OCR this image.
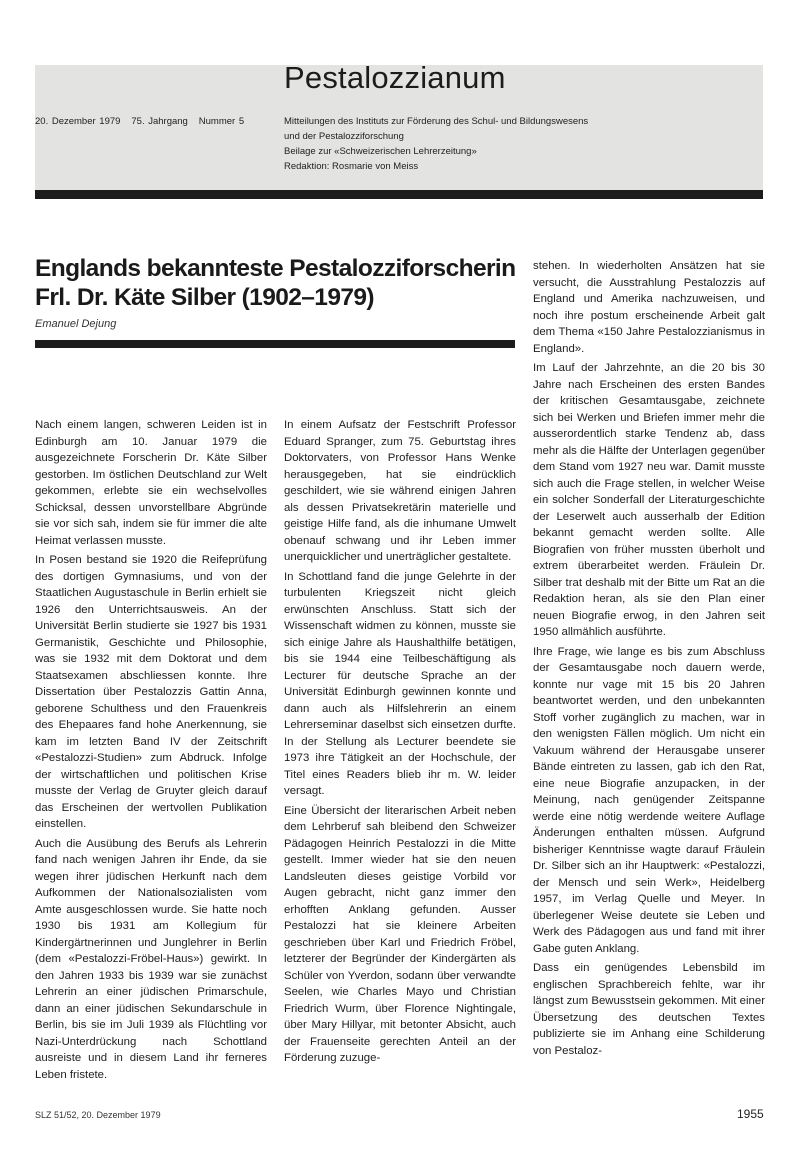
Pestalozzianum
20. Dezember 1979 75. Jahrgang Nummer 5	Mitteilungen des Instituts zur Förderung des Schul- und Bildungswesens
und der Pestalozziforschung
Beilage zur «Schweizerischen Lehrerzeitung»
Redaktion: Rosmarie von Meiss
Englands bekannteste Pestalozziforscherin
Frl. Dr. Käte Silber (1902–1979)
Emanuel Dejung

Nach einem langen, schweren Leiden ist in Edinburgh am 10. Januar 1979 die ausgezeichnete Forscherin Dr. Käte Silber gestorben. Im östlichen Deutschland zur Welt gekommen, erlebte sie ein wechselvolles Schicksal, dessen unvorstellbare Abgründe sie vor sich sah, indem sie für immer die alte Heimat verlassen musste.

In Posen bestand sie 1920 die Reifeprüfung des dortigen Gymnasiums, und von der Staatlichen Augustaschule in Berlin erhielt sie 1926 den Unterrichtsausweis. An der Universität Berlin studierte sie 1927 bis 1931 Germanistik, Geschichte und Philosophie, was sie 1932 mit dem Doktorat und dem Staatsexamen abschliessen konnte. Ihre Dissertation über Pestalozzis Gattin Anna, geborene Schulthess und den Frauenkreis des Ehepaares fand hohe Anerkennung, sie kam im letzten Band IV der Zeitschrift «Pestalozzi-Studien» zum Abdruck. Infolge der wirtschaftlichen und politischen Krise musste der Verlag de Gruyter gleich darauf das Erscheinen der wertvollen Publikation einstellen.

Auch die Ausübung des Berufs als Lehrerin fand nach wenigen Jahren ihr Ende, da sie wegen ihrer jüdischen Herkunft nach dem Aufkommen der Nationalsozialisten vom Amte ausgeschlossen wurde. Sie hatte noch 1930 bis 1931 am Kollegium für Kindergärtnerinnen und Junglehrer in Berlin (dem «Pestalozzi-Fröbel-Haus») gewirkt. In den Jahren 1933 bis 1939 war sie zunächst Lehrerin an einer jüdischen Primarschule, dann an einer jüdischen Sekundarschule in Berlin, bis sie im Juli 1939 als Flüchtling vor Nazi-Unterdrückung nach Schottland ausreiste und in diesem Land ihr ferneres Leben fristete.

In einem Aufsatz der Festschrift Professor Eduard Spranger, zum 75. Geburtstag ihres Doktorvaters, von Professor Hans Wenke herausgegeben, hat sie eindrücklich geschildert, wie sie während einigen Jahren als dessen Privatsekretärin materielle und geistige Hilfe fand, als die inhumane Umwelt obenauf schwang und ihr Leben immer unerquicklicher und unerträglicher gestaltete.

In Schottland fand die junge Gelehrte in der turbulenten Kriegszeit nicht gleich erwünschten Anschluss. Statt sich der Wissenschaft widmen zu können, musste sie sich einige Jahre als Haushalthilfe betätigen, bis sie 1944 eine Teilbeschäftigung als Lecturer für deutsche Sprache an der Universität Edinburgh gewinnen konnte und dann auch als Hilfslehrerin an einem Lehrerseminar daselbst sich einsetzen durfte. In der Stellung als Lecturer beendete sie 1973 ihre Tätigkeit an der Hochschule, der Titel eines Readers blieb ihr m. W. leider versagt.

Eine Übersicht der literarischen Arbeit neben dem Lehrberuf sah bleibend den Schweizer Pädagogen Heinrich Pestalozzi in die Mitte gestellt. Immer wieder hat sie den neuen Landsleuten dieses geistige Vorbild vor Augen gebracht, nicht ganz immer den erhofften Anklang gefunden. Ausser Pestalozzi hat sie kleinere Arbeiten geschrieben über Karl und Friedrich Fröbel, letzterer der Begründer der Kindergärten als Schüler von Yverdon, sodann über verwandte Seelen, wie Charles Mayo und Christian Friedrich Wurm, über Florence Nightingale, über Mary Hillyar, mit betonter Absicht, auch der Frauenseite gerechten Anteil an der Förderung zuzuge-

stehen. In wiederholten Ansätzen hat sie versucht, die Ausstrahlung Pestalozzis auf England und Amerika nachzuweisen, und noch ihre postum erscheinende Arbeit galt dem Thema «150 Jahre Pestalozzianismus in England».

Im Lauf der Jahrzehnte, an die 20 bis 30 Jahre nach Erscheinen des ersten Bandes der kritischen Gesamtausgabe, zeichnete sich bei Werken und Briefen immer mehr die ausserordentlich starke Tendenz ab, dass mehr als die Hälfte der Unterlagen gegenüber dem Stand vom 1927 neu war. Damit musste sich auch die Frage stellen, in welcher Weise ein solcher Sonderfall der Literaturgeschichte der Leserwelt auch ausserhalb der Edition bekannt gemacht werden sollte. Alle Biografien von früher mussten überholt und extrem überarbeitet werden. Fräulein Dr. Silber trat deshalb mit der Bitte um Rat an die Redaktion heran, als sie den Plan einer neuen Biografie erwog, in den Jahren seit 1950 allmählich ausführte.

Ihre Frage, wie lange es bis zum Abschluss der Gesamtausgabe noch dauern werde, konnte nur vage mit 15 bis 20 Jahren beantwortet werden, und den unbekannten Stoff vorher zugänglich zu machen, war in den wenigsten Fällen möglich. Um nicht ein Vakuum während der Herausgabe unserer Bände eintreten zu lassen, gab ich den Rat, eine neue Biografie anzupacken, in der Meinung, nach genügender Zeitspanne werde eine nötig werdende weitere Auflage Änderungen enthalten müssen. Aufgrund bisheriger Kenntnisse wagte darauf Fräulein Dr. Silber sich an ihr Hauptwerk: «Pestalozzi, der Mensch und sein Werk», Heidelberg 1957, im Verlag Quelle und Meyer. In überlegener Weise deutete sie Leben und Werk des Pädagogen aus und fand mit ihrer Gabe guten Anklang.

Dass ein genügendes Lebensbild im englischen Sprachbereich fehlte, war ihr längst zum Bewusstsein gekommen. Mit einer Übersetzung des deutschen Textes publizierte sie im Anhang eine Schilderung von Pestaloz-

SLZ 51/52, 20. Dezember 1979	1955
